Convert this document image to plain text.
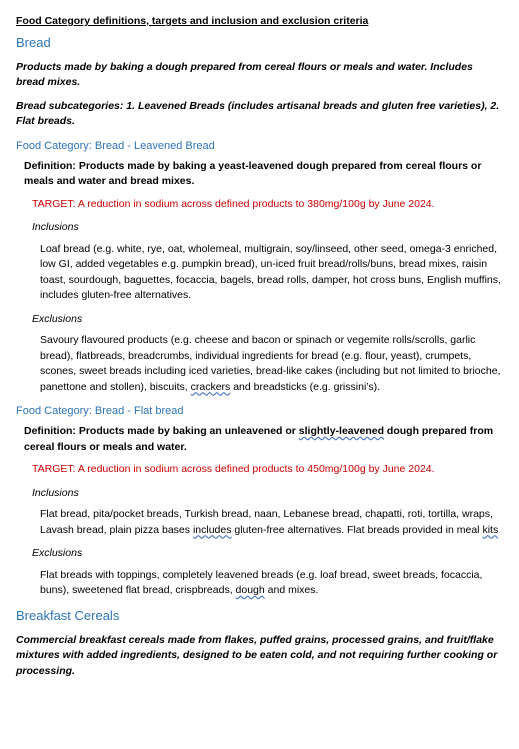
Food Category definitions, targets and inclusion and exclusion criteria

Bread

Products made by baking a dough prepared from cereal flours or meals and water. Includes bread mixes.

Bread subcategories: 1. Leavened Breads (includes artisanal breads and gluten free varieties), 2. Flat breads.

Food Category: Bread - Leavened Bread

Definition: Products made by baking a yeast-leavened dough prepared from cereal flours or meals and water and bread mixes.

TARGET: A reduction in sodium across defined products to 380mg/100g by June 2024.

Inclusions

Loaf bread (e.g. white, rye, oat, wholemeal, multigrain, soy/linseed, other seed, omega-3 enriched, low GI, added vegetables e.g. pumpkin bread), un-iced fruit bread/rolls/buns, bread mixes, raisin toast, sourdough, baguettes, focaccia, bagels, bread rolls, damper, hot cross buns, English muffins, includes gluten-free alternatives.

Exclusions

Savoury flavoured products (e.g. cheese and bacon or spinach or vegemite rolls/scrolls, garlic bread), flatbreads, breadcrumbs, individual ingredients for bread (e.g. flour, yeast), crumpets, scones, sweet breads including iced varieties, bread-like cakes (including but not limited to brioche, panettone and stollen), biscuits, crackers and breadsticks (e.g. grissini’s).

Food Category: Bread - Flat bread

Definition: Products made by baking an unleavened or slightly-leavened dough prepared from cereal flours or meals and water.

TARGET: A reduction in sodium across defined products to 450mg/100g by June 2024.

Inclusions

Flat bread, pita/pocket breads, Turkish bread, naan, Lebanese bread, chapatti, roti, tortilla, wraps, Lavash bread, plain pizza bases includes gluten-free alternatives. Flat breads provided in meal kits

Exclusions

Flat breads with toppings, completely leavened breads (e.g. loaf bread, sweet breads, focaccia, buns), sweetened flat bread, crispbreads, dough and mixes.

Breakfast Cereals

Commercial breakfast cereals made from flakes, puffed grains, processed grains, and fruit/flake mixtures with added ingredients, designed to be eaten cold, and not requiring further cooking or processing.
